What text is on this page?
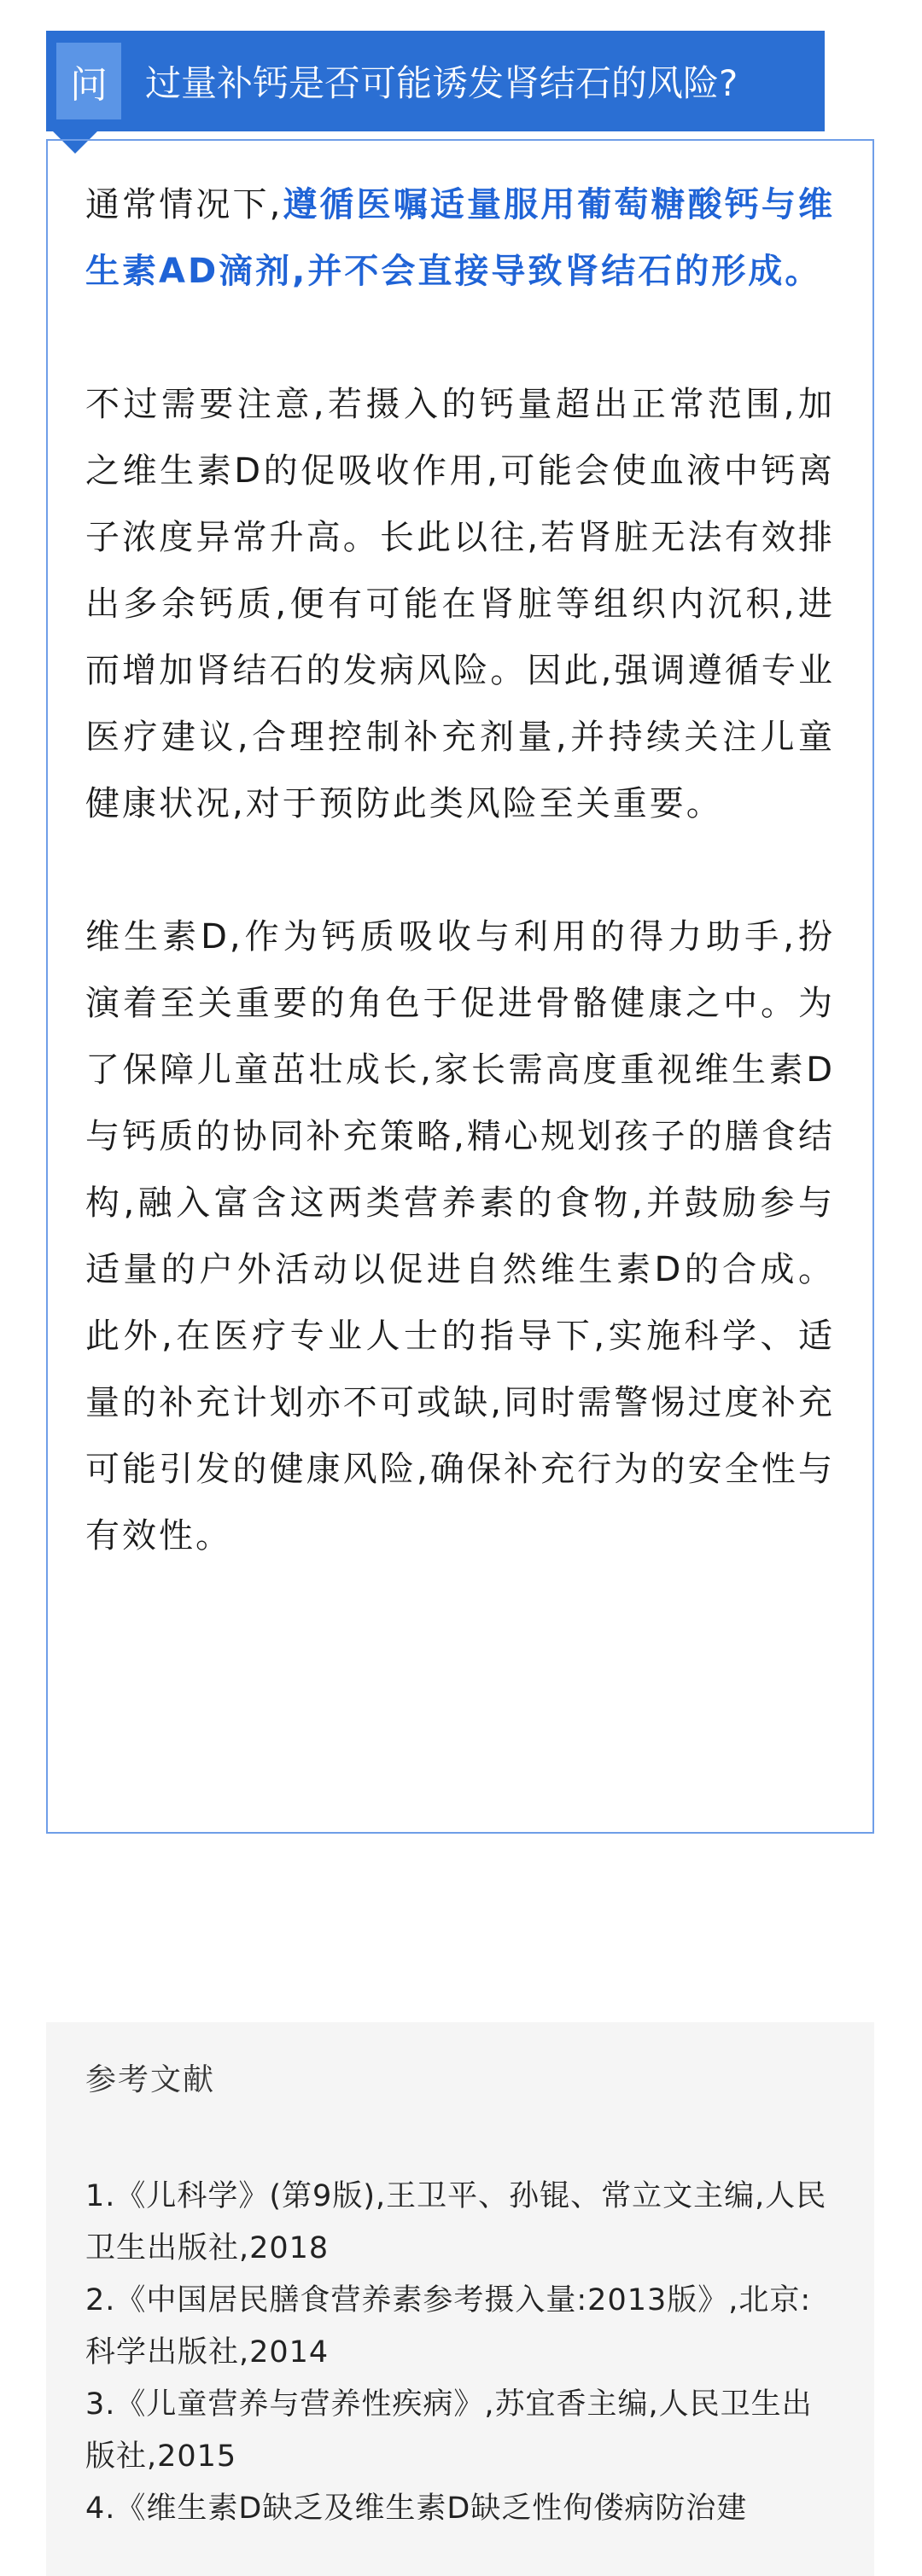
问	过量补钙是否可能诱发肾结石的风险?

通常情况下,遵循医嘱适量服用葡萄糖酸钙与维生素AD滴剂,并不会直接导致肾结石的形成。

不过需要注意,若摄入的钙量超出正常范围,加之维生素D的促吸收作用,可能会使血液中钙离子浓度异常升高。长此以往,若肾脏无法有效排出多余钙质,便有可能在肾脏等组织内沉积,进而增加肾结石的发病风险。因此,强调遵循专业医疗建议,合理控制补充剂量,并持续关注儿童健康状况,对于预防此类风险至关重要。

维生素D,作为钙质吸收与利用的得力助手,扮演着至关重要的角色于促进骨骼健康之中。为了保障儿童茁壮成长,家长需高度重视维生素D与钙质的协同补充策略,精心规划孩子的膳食结构,融入富含这两类营养素的食物,并鼓励参与适量的户外活动以促进自然维生素D的合成。此外,在医疗专业人士的指导下,实施科学、适量的补充计划亦不可或缺,同时需警惕过度补充可能引发的健康风险,确保补充行为的安全性与有效性。

参考文献

1.《儿科学》(第9版),王卫平、孙锟、常立文主编,人民卫生出版社,2018

2.《中国居民膳食营养素参考摄入量:2013版》,北京:科学出版社,2014

3.《儿童营养与营养性疾病》,苏宜香主编,人民卫生出版社,2015

4.《维生素D缺乏及维生素D缺乏性佝偻病防治建
